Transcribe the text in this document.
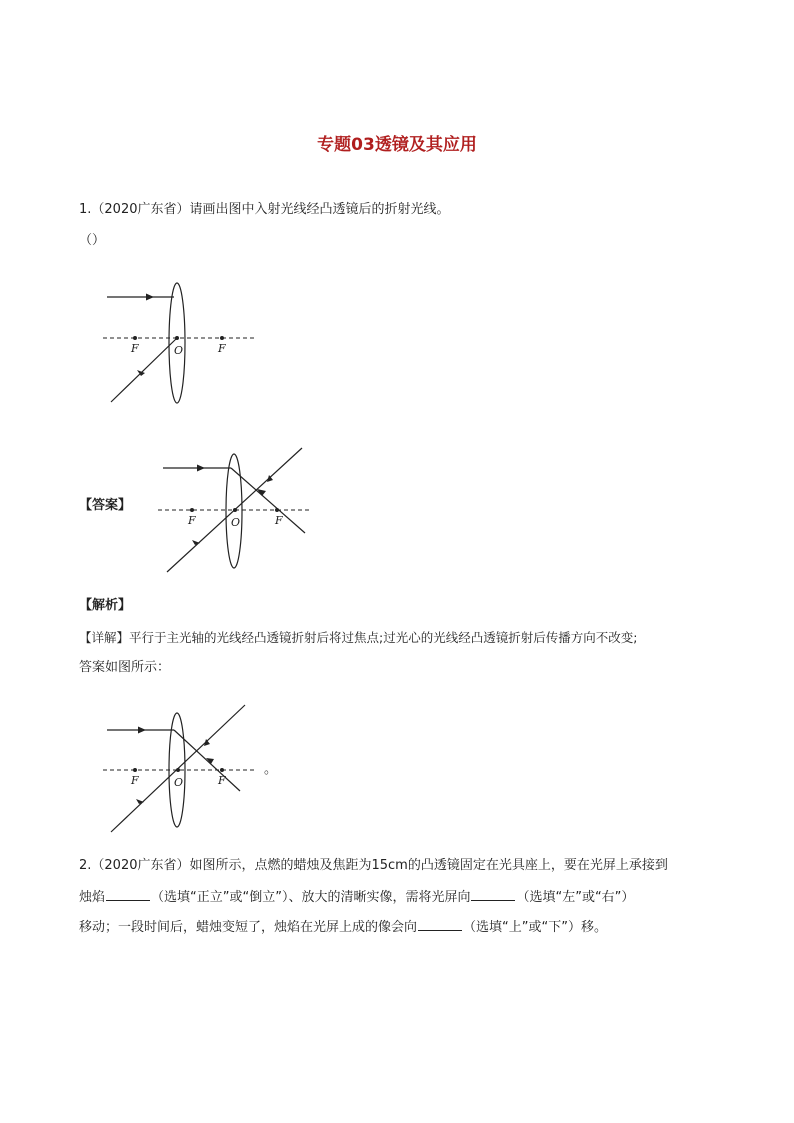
专题03透镜及其应用
1.（2020广东省）请画出图中入射光线经凸透镜后的折射光线。
（）
F	O	F
【答案】
F	O	F
【解析】
【详解】平行于主光轴的光线经凸透镜折射后将过焦点;过光心的光线经凸透镜折射后传播方向不改变;
答案如图所示：
F	O	F
。
2.（2020广东省）如图所示，点燃的蜡烛及焦距为15cm的凸透镜固定在光具座上，要在光屏上承接到
烛焰	（选填“正立”或“倒立”）、放大的清晰实像，需将光屏向	（选填“左”或“右”）
移动；一段时间后，蜡烛变短了，烛焰在光屏上成的像会向	（选填“上”或“下”）移。
